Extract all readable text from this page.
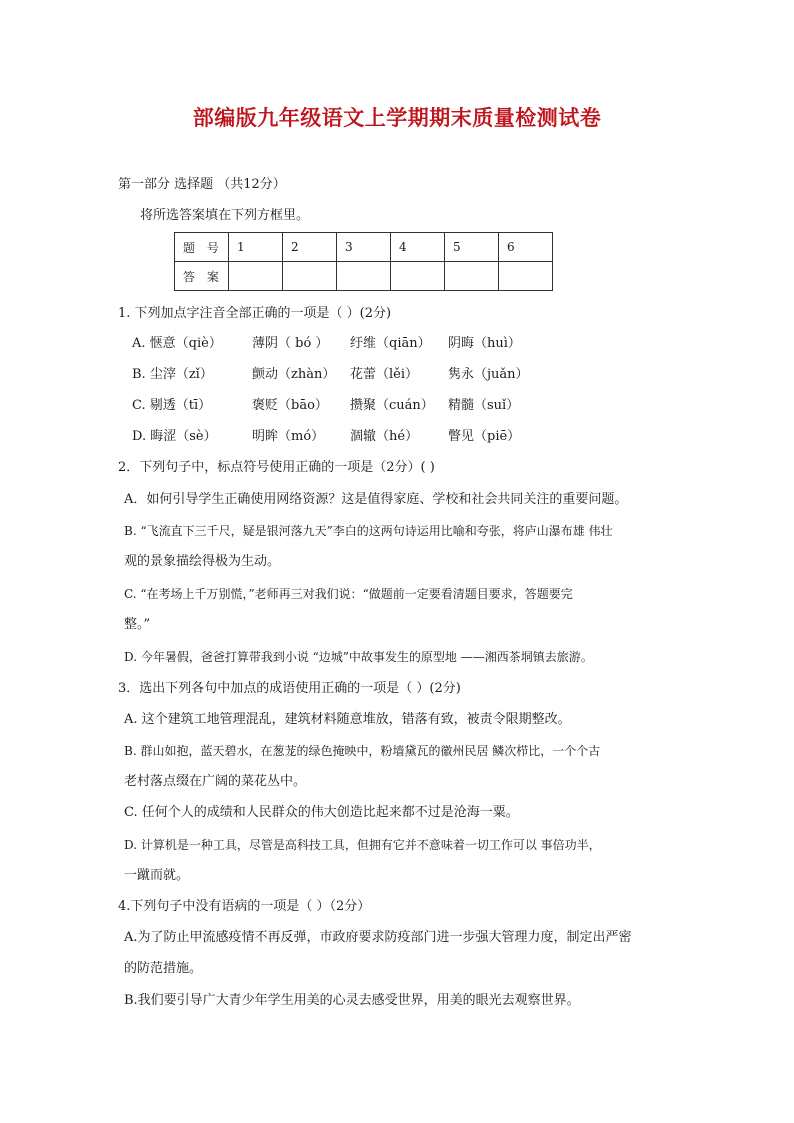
部编版九年级语文上学期期末质量检测试卷
第一部分 选择题 （共12分）
将所选答案填在下列方框里。
题 号	1	2	3	4	5	6
答 案						
1. 下列加点字注音全部正确的一项是（ ）(2分)
A. 惬意（qiè） 薄阴（ bó ） 纡维（qiān） 阴晦（huì）
B. 尘滓（zǐ）	颤动（zhàn） 花蕾（lěi） 隽永（juǎn）
C. 剔透（tī）	褒贬（bāo） 攒聚（cuán） 精髓（suǐ）
D. 晦涩（sè）	明眸（mó） 涸辙（hé） 瞥见（piē）
2．下列句子中，标点符号使用正确的一项是（2分）( )
A．如何引导学生正确使用网络资源？这是值得家庭、学校和社会共同关注的重要问题。
B. “飞流直下三千尺，疑是银河落九天”李白的这两句诗运用比喻和夸张，将庐山瀑布雄 伟壮
观的景象描绘得极为生动。
C. “在考场上千万别慌，”老师再三对我们说：“做题前一定要看清题目要求，答题要完
整。”
D. 今年暑假，爸爸打算带我到小说 “边城”中故事发生的原型地 ——湘西茶垌镇去旅游。
3．选出下列各句中加点的成语使用正确的一项是（ ）(2分)
A. 这个建筑工地管理混乱，建筑材料随意堆放，错落有致，被责令限期整改。
B. 群山如抱，蓝天碧水，在葱茏的绿色掩映中，粉墙黛瓦的徽州民居 鳞次栉比，一个个古
老村落点缀在广阔的菜花丛中。
C. 任何个人的成绩和人民群众的伟大创造比起来都不过是沧海一粟。
D. 计算机是一种工具，尽管是高科技工具，但拥有它并不意味着一切工作可以 事倍功半，
一蹴而就。
4.下列句子中没有语病的一项是（ ）（2分）
A.为了防止甲流感疫情不再反弹，市政府要求防疫部门进一步强大管理力度，制定出严密
的防范措施。
B.我们要引导广大青少年学生用美的心灵去感受世界，用美的眼光去观察世界。
